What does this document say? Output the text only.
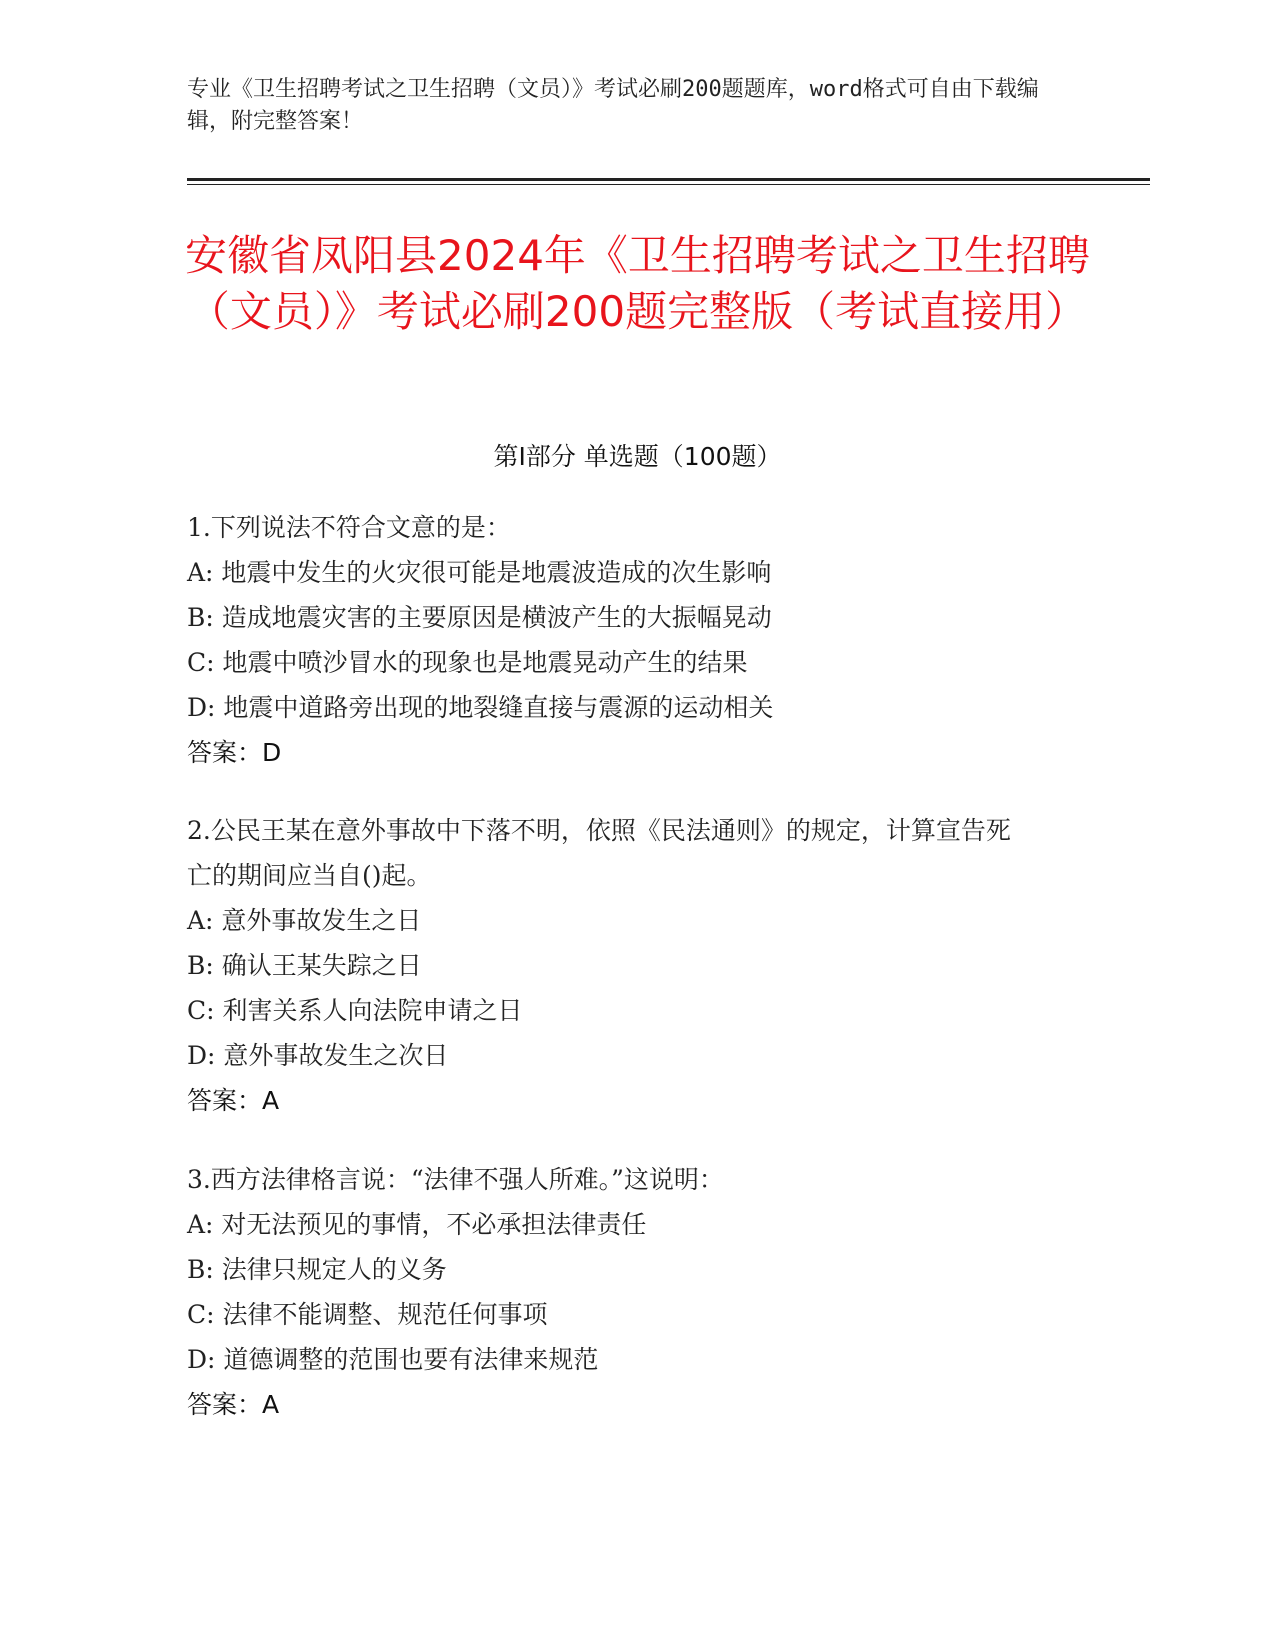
专业《卫生招聘考试之卫生招聘（文员）》考试必刷200题题库，word格式可自由下载编辑，附完整答案！
安徽省凤阳县2024年《卫生招聘考试之卫生招聘（文员）》考试必刷200题完整版（考试直接用）
第I部分 单选题（100题）
1.下列说法不符合文意的是：
A: 地震中发生的火灾很可能是地震波造成的次生影响
B: 造成地震灾害的主要原因是横波产生的大振幅晃动
C: 地震中喷沙冒水的现象也是地震晃动产生的结果
D: 地震中道路旁出现的地裂缝直接与震源的运动相关
答案：D
2.公民王某在意外事故中下落不明，依照《民法通则》的规定，计算宣告死亡的期间应当自()起。
A: 意外事故发生之日
B: 确认王某失踪之日
C: 利害关系人向法院申请之日
D: 意外事故发生之次日
答案：A
3.西方法律格言说：“法律不强人所难。”这说明：
A: 对无法预见的事情，不必承担法律责任
B: 法律只规定人的义务
C: 法律不能调整、规范任何事项
D: 道德调整的范围也要有法律来规范
答案：A
